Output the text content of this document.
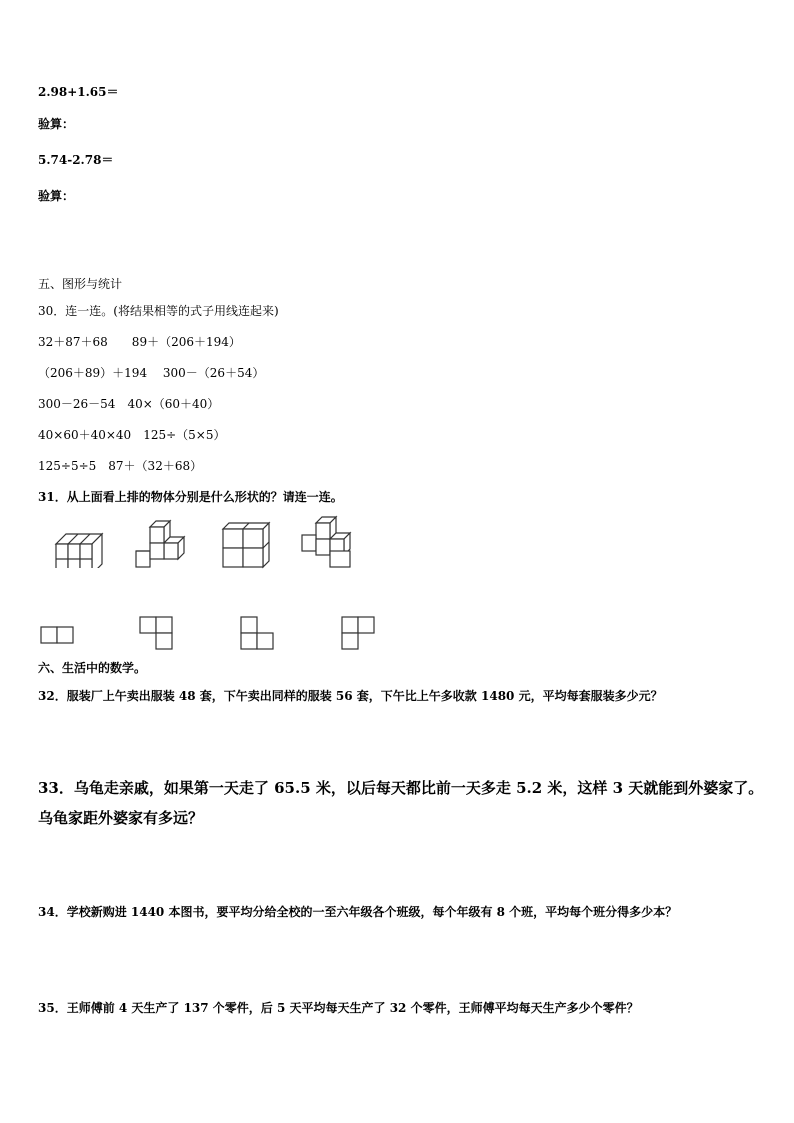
2.98+1.65＝
验算：
5.74-2.78＝
验算：
五、图形与统计
30．连一连。(将结果相等的式子用线连起来)
32＋87＋68　　89＋（206＋194）
（206＋89）＋194　 300－（26＋54）
300－26－54　40×（60＋40）
40×60＋40×40　125÷（5×5）
125÷5÷5　87＋（32＋68）
31．从上面看上排的物体分别是什么形状的？请连一连。
六、生活中的数学。
32．服装厂上午卖出服装 48 套，下午卖出同样的服装 56 套，下午比上午多收款 1480 元，平均每套服装多少元？
33．乌龟走亲戚，如果第一天走了 65.5 米，以后每天都比前一天多走 5.2 米，这样 3 天就能到外婆家了。
乌龟家距外婆家有多远？
34．学校新购进 1440 本图书，要平均分给全校的一至六年级各个班级，每个年级有 8 个班，平均每个班分得多少本？
35．王师傅前 4 天生产了 137 个零件，后 5 天平均每天生产了 32 个零件，王师傅平均每天生产多少个零件？
